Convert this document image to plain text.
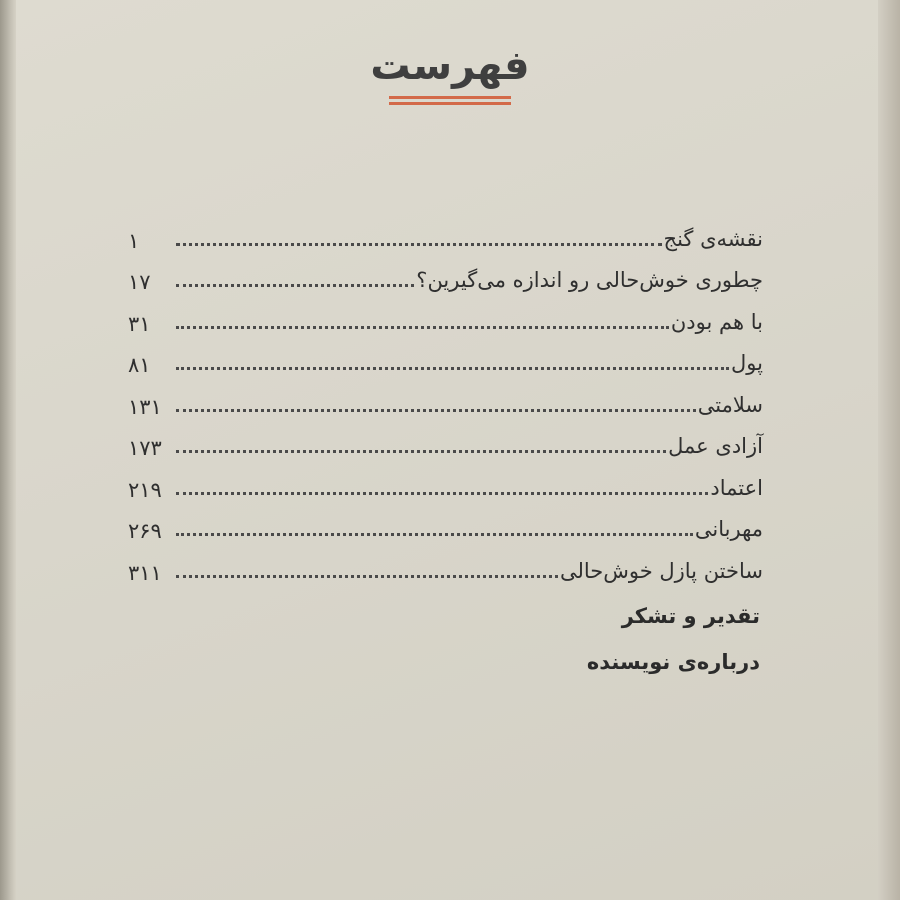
فهرست
نقشه‌ی گنج
۱
چطوری خوش‌حالی رو اندازه می‌گیرین؟
۱۷
با هم بودن
۳۱
پول
۸۱
سلامتی
۱۳۱
آزادی عمل
۱۷۳
اعتماد
۲۱۹
مهربانی
۲۶۹
ساختن پازل خوش‌حالی
۳۱۱
تقدیر و تشکر
درباره‌ی نویسنده
